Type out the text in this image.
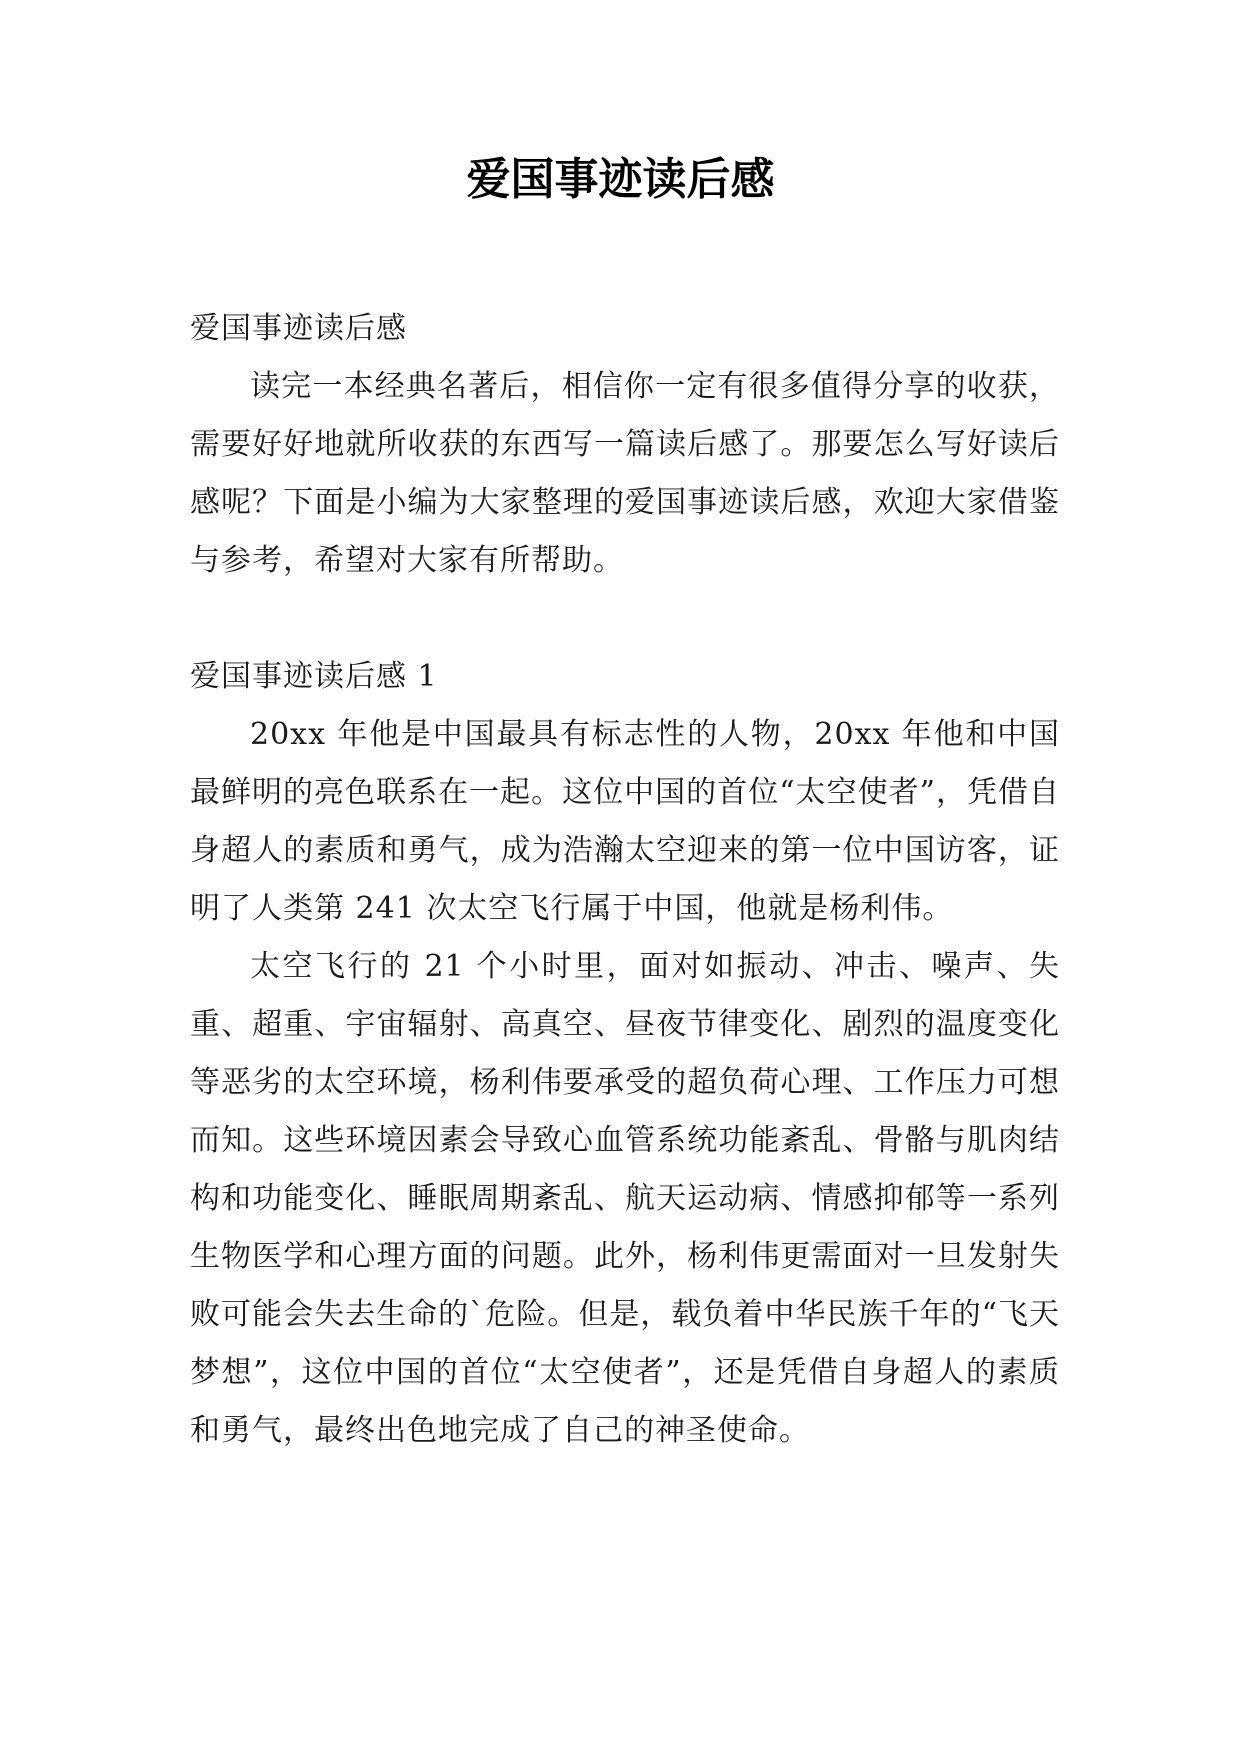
爱国事迹读后感

爱国事迹读后感

读完一本经典名著后，相信你一定有很多值得分享的收获，需要好好地就所收获的东西写一篇读后感了。那要怎么写好读后感呢？下面是小编为大家整理的爱国事迹读后感，欢迎大家借鉴与参考，希望对大家有所帮助。

爱国事迹读后感 1

20xx 年他是中国最具有标志性的人物，20xx 年他和中国最鲜明的亮色联系在一起。这位中国的首位“太空使者”，凭借自身超人的素质和勇气，成为浩瀚太空迎来的第一位中国访客，证明了人类第 241 次太空飞行属于中国，他就是杨利伟。

太空飞行的 21 个小时里，面对如振动、冲击、噪声、失重、超重、宇宙辐射、高真空、昼夜节律变化、剧烈的温度变化等恶劣的太空环境，杨利伟要承受的超负荷心理、工作压力可想而知。这些环境因素会导致心血管系统功能紊乱、骨骼与肌肉结构和功能变化、睡眠周期紊乱、航天运动病、情感抑郁等一系列生物医学和心理方面的问题。此外，杨利伟更需面对一旦发射失败可能会失去生命的`危险。但是，载负着中华民族千年的“飞天梦想”，这位中国的首位“太空使者”，还是凭借自身超人的素质和勇气，最终出色地完成了自己的神圣使命。
